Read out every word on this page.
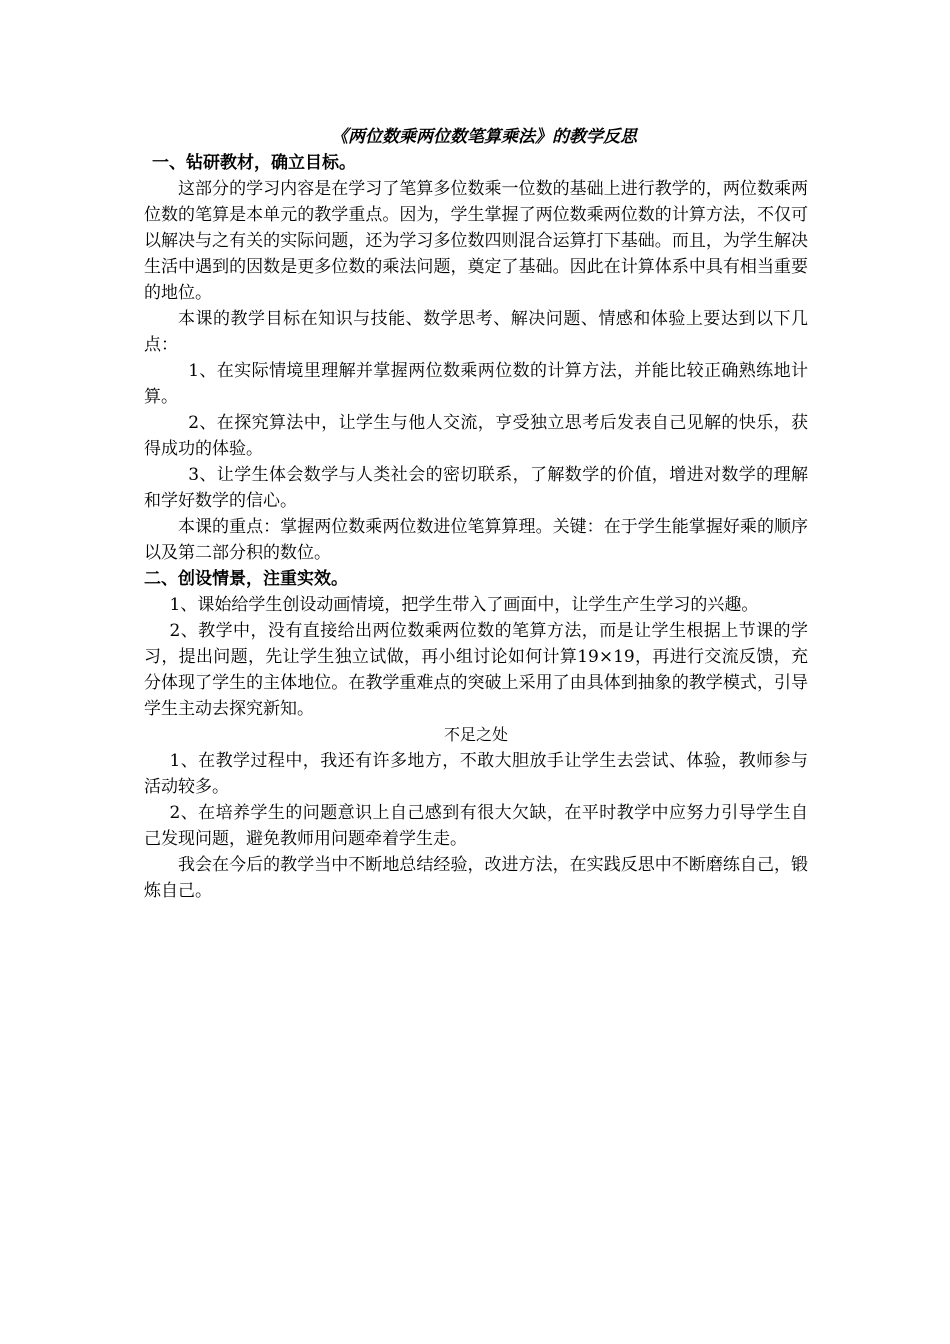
《两位数乘两位数笔算乘法》的教学反思

一、钻研教材，确立目标。

这部分的学习内容是在学习了笔算多位数乘一位数的基础上进行教学的，两位数乘两位数的笔算是本单元的教学重点。因为，学生掌握了两位数乘两位数的计算方法，不仅可以解决与之有关的实际问题，还为学习多位数四则混合运算打下基础。而且，为学生解决生活中遇到的因数是更多位数的乘法问题，奠定了基础。因此在计算体系中具有相当重要的地位。

本课的教学目标在知识与技能、数学思考、解决问题、情感和体验上要达到以下几点：

1、在实际情境里理解并掌握两位数乘两位数的计算方法，并能比较正确熟练地计算。

2、在探究算法中，让学生与他人交流，亨受独立思考后发表自己见解的快乐，获得成功的体验。

3、让学生体会数学与人类社会的密切联系，了解数学的价值，增进对数学的理解和学好数学的信心。

本课的重点：掌握两位数乘两位数进位笔算算理。关键：在于学生能掌握好乘的顺序以及第二部分积的数位。

二、创设情景，注重实效。

1、课始给学生创设动画情境，把学生带入了画面中，让学生产生学习的兴趣。

2、教学中，没有直接给出两位数乘两位数的笔算方法，而是让学生根据上节课的学习，提出问题，先让学生独立试做，再小组讨论如何计算19×19，再进行交流反馈，充分体现了学生的主体地位。在教学重难点的突破上采用了由具体到抽象的教学模式，引导学生主动去探究新知。

不足之处

1、在教学过程中，我还有许多地方，不敢大胆放手让学生去尝试、体验，教师参与活动较多。

2、在培养学生的问题意识上自己感到有很大欠缺，在平时教学中应努力引导学生自己发现问题，避免教师用问题牵着学生走。

我会在今后的教学当中不断地总结经验，改进方法，在实践反思中不断磨练自己，锻炼自己。
